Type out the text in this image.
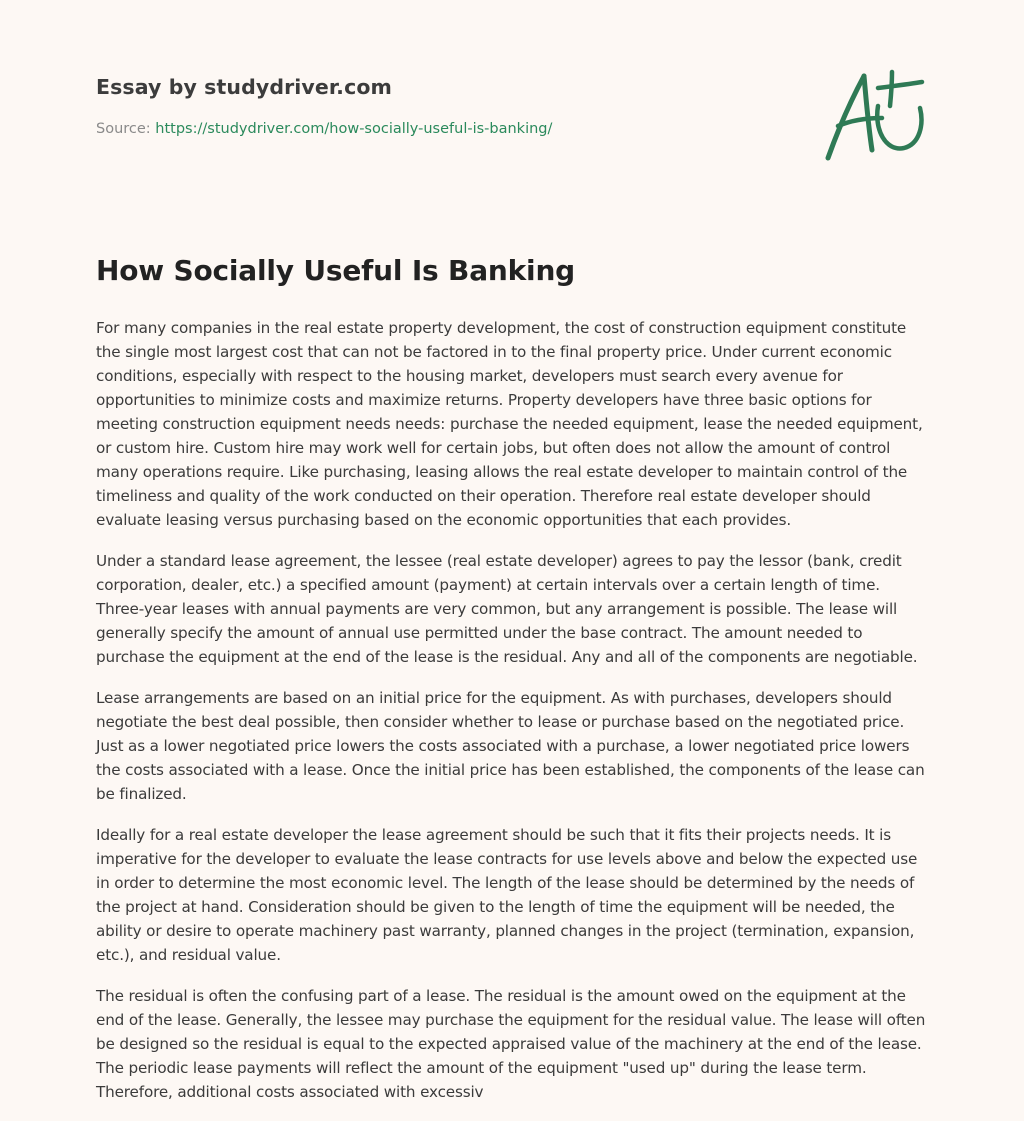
Essay by studydriver.com
Source: https://studydriver.com/how-socially-useful-is-banking/
How Socially Useful Is Banking

For many companies in the real estate property development, the cost of construction equipment constitute the single most largest cost that can not be factored in to the final property price. Under current economic conditions, especially with respect to the housing market, developers must search every avenue for opportunities to minimize costs and maximize returns. Property developers have three basic options for meeting construction equipment needs needs: purchase the needed equipment, lease the needed equipment, or custom hire. Custom hire may work well for certain jobs, but often does not allow the amount of control many operations require. Like purchasing, leasing allows the real estate developer to maintain control of the timeliness and quality of the work conducted on their operation. Therefore real estate developer should evaluate leasing versus purchasing based on the economic opportunities that each provides.

Under a standard lease agreement, the lessee (real estate developer) agrees to pay the lessor (bank, credit corporation, dealer, etc.) a specified amount (payment) at certain intervals over a certain length of time. Three-year leases with annual payments are very common, but any arrangement is possible. The lease will generally specify the amount of annual use permitted under the base contract. The amount needed to purchase the equipment at the end of the lease is the residual. Any and all of the components are negotiable.

Lease arrangements are based on an initial price for the equipment. As with purchases, developers should negotiate the best deal possible, then consider whether to lease or purchase based on the negotiated price. Just as a lower negotiated price lowers the costs associated with a purchase, a lower negotiated price lowers the costs associated with a lease. Once the initial price has been established, the components of the lease can be finalized.

Ideally for a real estate developer the lease agreement should be such that it fits their projects needs. It is imperative for the developer to evaluate the lease contracts for use levels above and below the expected use in order to determine the most economic level. The length of the lease should be determined by the needs of the project at hand. Consideration should be given to the length of time the equipment will be needed, the ability or desire to operate machinery past warranty, planned changes in the project (termination, expansion, etc.), and residual value.

The residual is often the confusing part of a lease. The residual is the amount owed on the equipment at the end of the lease. Generally, the lessee may purchase the equipment for the residual value. The lease will often be designed so the residual is equal to the expected appraised value of the machinery at the end of the lease. The periodic lease payments will reflect the amount of the equipment "used up" during the lease term. Therefore, additional costs associated with excessiv
